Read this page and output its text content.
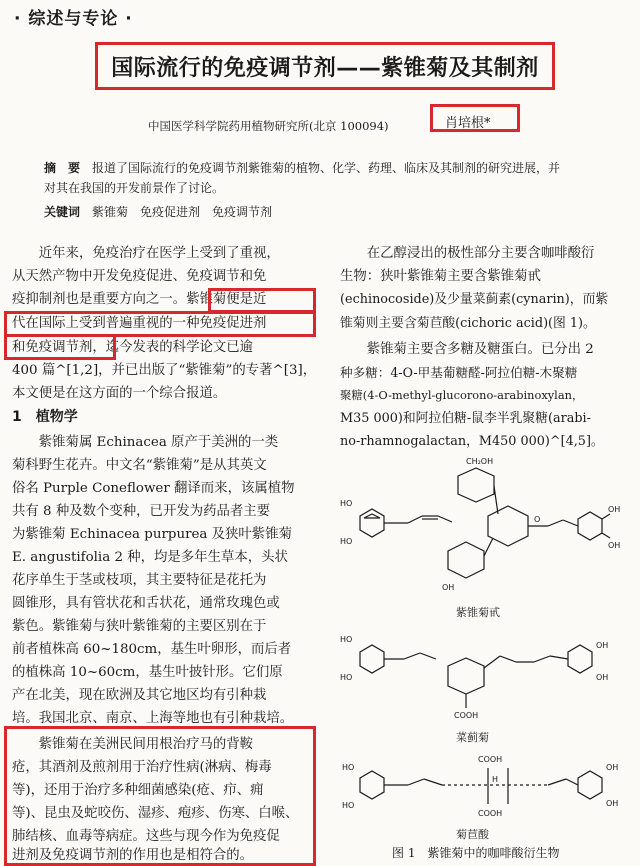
· 综述与专论 ·
国际流行的免疫调节剂——紫锥菊及其制剂
中国医学科学院药用植物研究所(北京 100094)	肖培根*
摘　要　 报道了国际流行的免疫调节剂紫锥菊的植物、化学、药理、临床及其制剂的研究进展，并
对其在我国的开发前景作了讨论。
关键词　 紫锥菊　免疫促进剂　免疫调节剂
　　近年来，免疫治疗在医学上受到了重视，
从天然产物中开发免疫促进、免疫调节和免
疫抑制剂也是重要方向之一。紫锥菊便是近
代在国际上受到普遍重视的一种免疫促进剂
和免疫调节剂，迄今发表的科学论文已逾
400 篇^[1,2]，并已出版了“紫锥菊”的专著^[3]，
本文便是在这方面的一个综合报道。
1　植物学
　　紫锥菊属 Echinacea 原产于美洲的一类
菊科野生花卉。中文名“紫锥菊”是从其英文
俗名 Purple Coneflower 翻译而来，该属植物
共有 8 种及数个变种，已开发为药品者主要
为紫锥菊 Echinacea purpurea 及狭叶紫锥菊
E. angustifolia 2 种，均是多年生草本，头状
花序单生于茎或枝项，其主要特征是花托为
圆锥形，具有管状花和舌状花，通常玫瑰色或
紫色。紫锥菊与狭叶紫锥菊的主要区别在于
前者植株高 60~180cm，基生叶卵形，而后者
的植株高 10~60cm，基生叶披针形。它们原
产在北美，现在欧洲及其它地区均有引种栽
培。我国北京、南京、上海等地也有引种栽培。
　　紫锥菊在美洲民间用根治疗马的背鞍
疮，其酒剂及煎剂用于治疗性病(淋病、梅毒
等)，还用于治疗多种细菌感染(疮、疖、痈
等)、昆虫及蛇咬伤、湿疹、疱疹、伤寒、白喉、
肺结核、血毒等病症。这些与现今作为免疫促
进剂及免疫调节剂的作用也是相符合的。
　　在乙醇浸出的极性部分主要含咖啡酸衍
生物：狭叶紫锥菊主要含紫锥菊甙
(echinocoside)及少量菜蓟素(cynarin)，而紫
锥菊则主要含菊苣酸(cichoric acid)(图 1)。
　　紫锥菊主要含多糖及糖蛋白。已分出 2
种多糖：4-O-甲基葡糖醛-阿拉伯糖-木聚糖
聚糖(4-O-methyl-glucorono-arabinoxylan，
M35 000)和阿拉伯糖-鼠李半乳聚糖(arabi-
no-rhamnogalactan，M450 000)^[4,5]。
HO
HO
CH₂OH
OH
OH
OH
O
紫锥菊甙
HO
HO
COOH
OH
OH
菜蓟菊
COOH
COOH
HO
HO
OH
OH
H
菊苣酸
图 1　紫锥菊中的咖啡酸衍生物
